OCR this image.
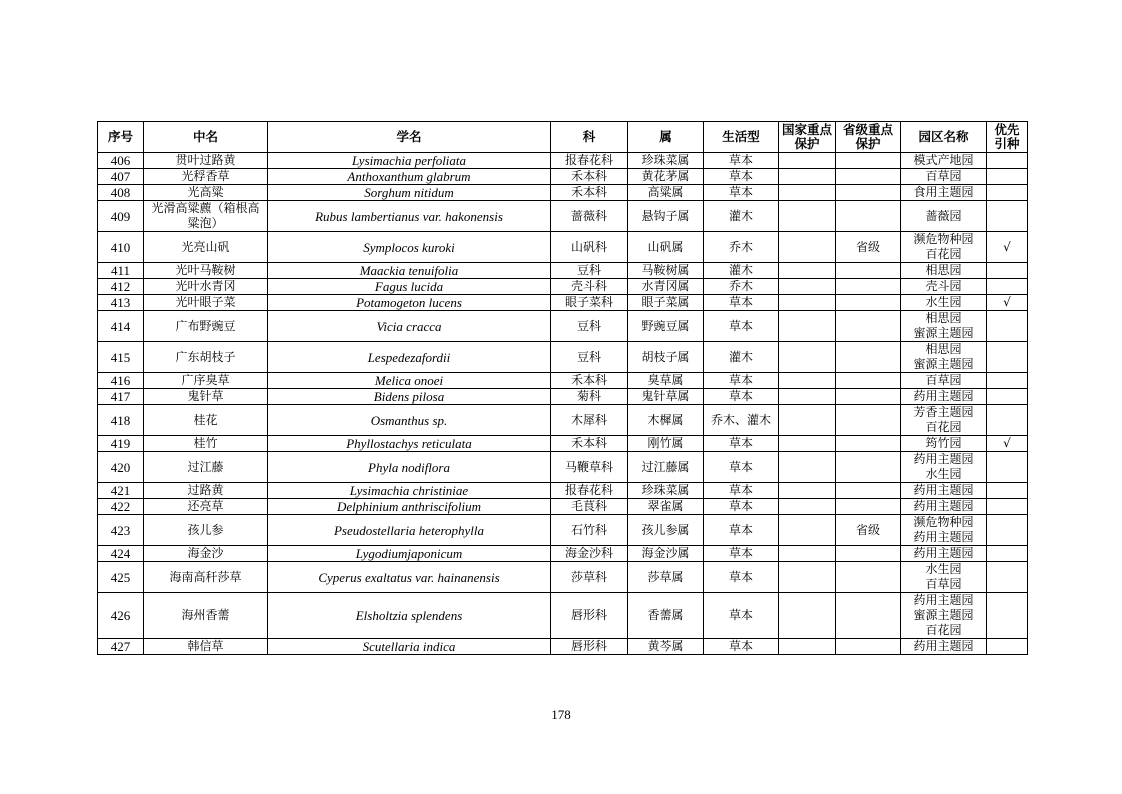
序号	中名	学名	科	属	生活型	国家重点保护	省级重点保护	园区名称	优先引种
406	贯叶过路黄	Lysimachia perfoliata	报春花科	珍珠菜属	草本			模式产地园	

407	光稃香草	Anthoxanthum glabrum	禾本科	黄花茅属	草本			百草园	

408	光高粱	Sorghum nitidum	禾本科	高粱属	草本			食用主题园	

409	光滑高粱藨（箱根高粱泡）	Rubus lambertianus var. hakonensis	蔷薇科	悬钩子属	灌木			蔷薇园	

410	光亮山矾	Symplocos kuroki	山矾科	山矾属	乔木		省级	濒危物种园
百花园	√
411	光叶马鞍树	Maackia tenuifolia	豆科	马鞍树属	灌木			相思园	

412	光叶水青冈	Fagus lucida	壳斗科	水青冈属	乔木			壳斗园	

413	光叶眼子菜	Potamogeton lucens	眼子菜科	眼子菜属	草本			水生园	√
414	广布野豌豆	Vicia cracca	豆科	野豌豆属	草本			相思园
蜜源主题园	

415	广东胡枝子	Lespedezafordii	豆科	胡枝子属	灌木			相思园
蜜源主题园	

416	广序臭草	Melica onoei	禾本科	臭草属	草本			百草园	

417	鬼针草	Bidens pilosa	菊科	鬼针草属	草本			药用主题园	

418	桂花	Osmanthus sp.	木犀科	木樨属	乔木、灌木			芳香主题园
百花园	

419	桂竹	Phyllostachys reticulata	禾本科	刚竹属	草本			筠竹园	√
420	过江藤	Phyla nodiflora	马鞭草科	过江藤属	草本			药用主题园
水生园	

421	过路黄	Lysimachia christiniae	报春花科	珍珠菜属	草本			药用主题园	

422	还亮草	Delphinium anthriscifolium	毛茛科	翠雀属	草本			药用主题园	

423	孩儿参	Pseudostellaria heterophylla	石竹科	孩儿参属	草本		省级	濒危物种园
药用主题园	

424	海金沙	Lygodiumjaponicum	海金沙科	海金沙属	草本			药用主题园	

425	海南高秆莎草	Cyperus exaltatus var. hainanensis	莎草科	莎草属	草本			水生园
百草园	

426	海州香薷	Elsholtzia splendens	唇形科	香薷属	草本			药用主题园
蜜源主题园
百花园	

427	韩信草	Scutellaria indica	唇形科	黄芩属	草本			药用主题园	

178
